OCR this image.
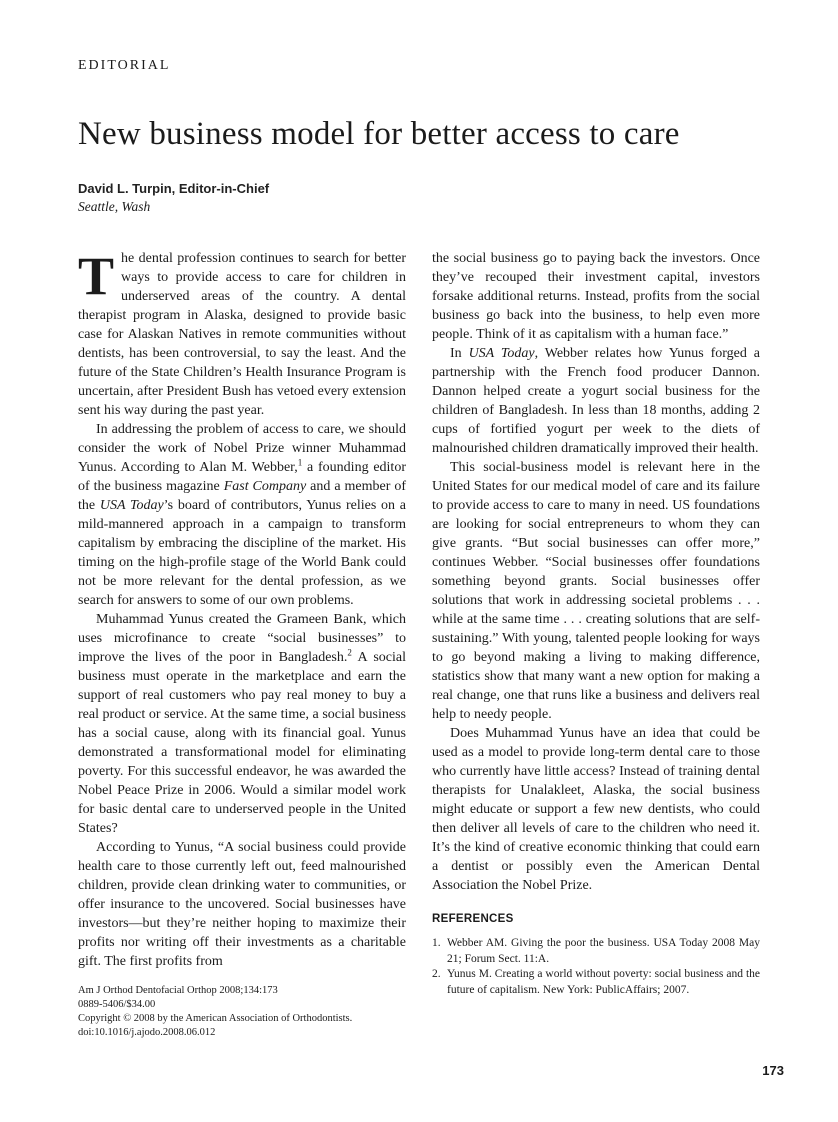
EDITORIAL
New business model for better access to care
David L. Turpin, Editor-in-Chief
Seattle, Wash

The dental profession continues to search for better ways to provide access to care for children in underserved areas of the country. A dental therapist program in Alaska, designed to provide basic case for Alaskan Natives in remote communities without dentists, has been controversial, to say the least. And the future of the State Children’s Health Insurance Program is uncertain, after President Bush has vetoed every extension sent his way during the past year.

In addressing the problem of access to care, we should consider the work of Nobel Prize winner Muhammad Yunus. According to Alan M. Webber,$^1$ a founding editor of the business magazine Fast Company and a member of the USA Today’s board of contributors, Yunus relies on a mild-mannered approach in a campaign to transform capitalism by embracing the discipline of the market. His timing on the high-profile stage of the World Bank could not be more relevant for the dental profession, as we search for answers to some of our own problems.

Muhammad Yunus created the Grameen Bank, which uses microfinance to create “social businesses” to improve the lives of the poor in Bangladesh.$^2$ A social business must operate in the marketplace and earn the support of real customers who pay real money to buy a real product or service. At the same time, a social business has a social cause, along with its financial goal. Yunus demonstrated a transformational model for eliminating poverty. For this successful endeavor, he was awarded the Nobel Peace Prize in 2006. Would a similar model work for basic dental care to underserved people in the United States?

According to Yunus, “A social business could provide health care to those currently left out, feed malnourished children, provide clean drinking water to communities, or offer insurance to the uncovered. Social businesses have investors—but they’re neither hoping to maximize their profits nor writing off their investments as a charitable gift. The first profits from

Am J Orthod Dentofacial Orthop 2008;134:173
0889-5406/$34.00
Copyright © 2008 by the American Association of Orthodontists.
doi:10.1016/j.ajodo.2008.06.012

the social business go to paying back the investors. Once they’ve recouped their investment capital, investors forsake additional returns. Instead, profits from the social business go back into the business, to help even more people. Think of it as capitalism with a human face.”

In USA Today, Webber relates how Yunus forged a partnership with the French food producer Dannon. Dannon helped create a yogurt social business for the children of Bangladesh. In less than 18 months, adding 2 cups of fortified yogurt per week to the diets of malnourished children dramatically improved their health.

This social-business model is relevant here in the United States for our medical model of care and its failure to provide access to care to many in need. US foundations are looking for social entrepreneurs to whom they can give grants. “But social businesses can offer more,” continues Webber. “Social businesses offer foundations something beyond grants. Social businesses offer solutions that work in addressing societal problems . . . while at the same time . . . creating solutions that are self-sustaining.” With young, talented people looking for ways to go beyond making a living to making difference, statistics show that many want a new option for making a real change, one that runs like a business and delivers real help to needy people.

Does Muhammad Yunus have an idea that could be used as a model to provide long-term dental care to those who currently have little access? Instead of training dental therapists for Unalakleet, Alaska, the social business might educate or support a few new dentists, who could then deliver all levels of care to the children who need it. It’s the kind of creative economic thinking that could earn a dentist or possibly even the American Dental Association the Nobel Prize.

REFERENCES
1. Webber AM. Giving the poor the business. USA Today 2008 May 21; Forum Sect. 11:A.
2. Yunus M. Creating a world without poverty: social business and the future of capitalism. New York: PublicAffairs; 2007.
173
